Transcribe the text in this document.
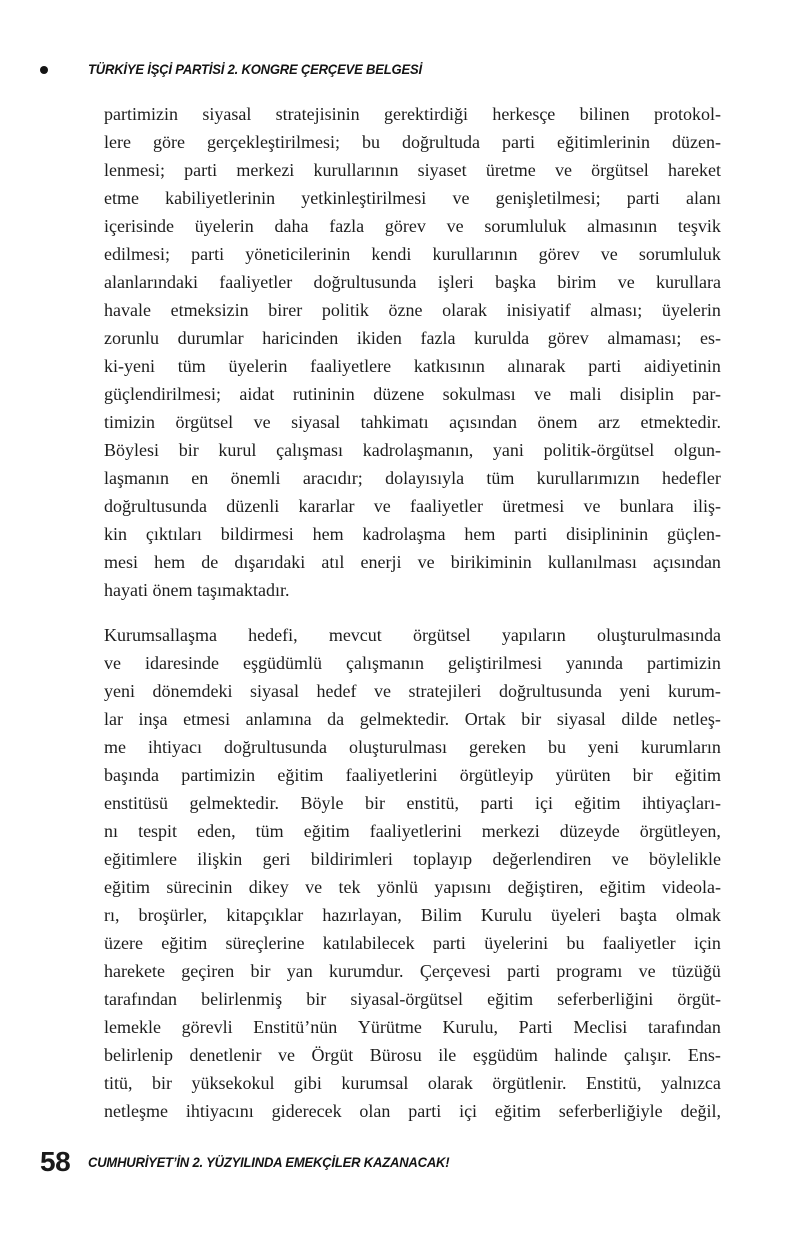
TÜRKİYE İŞÇİ PARTİSİ 2. KONGRE ÇERÇEVE BELGESİ
partimizin siyasal stratejisinin gerektirdiği herkesçe bilinen protokol-
lere göre gerçekleştirilmesi; bu doğrultuda parti eğitimlerinin düzen-
lenmesi; parti merkezi kurullarının siyaset üretme ve örgütsel hareket
etme kabiliyetlerinin yetkinleştirilmesi ve genişletilmesi; parti alanı
içerisinde üyelerin daha fazla görev ve sorumluluk almasının teşvik
edilmesi; parti yöneticilerinin kendi kurullarının görev ve sorumluluk
alanlarındaki faaliyetler doğrultusunda işleri başka birim ve kurullara
havale etmeksizin birer politik özne olarak inisiyatif alması; üyelerin
zorunlu durumlar haricinden ikiden fazla kurulda görev almaması; es-
ki-yeni tüm üyelerin faaliyetlere katkısının alınarak parti aidiyetinin
güçlendirilmesi; aidat rutininin düzene sokulması ve mali disiplin par-
timizin örgütsel ve siyasal tahkimatı açısından önem arz etmektedir.
Böylesi bir kurul çalışması kadrolaşmanın, yani politik-örgütsel olgun-
laşmanın en önemli aracıdır; dolayısıyla tüm kurullarımızın hedefler
doğrultusunda düzenli kararlar ve faaliyetler üretmesi ve bunlara iliş-
kin çıktıları bildirmesi hem kadrolaşma hem parti disiplininin güçlen-
mesi hem de dışarıdaki atıl enerji ve birikiminin kullanılması açısından
hayati önem taşımaktadır.
Kurumsallaşma hedefi, mevcut örgütsel yapıların oluşturulmasında
ve idaresinde eşgüdümlü çalışmanın geliştirilmesi yanında partimizin
yeni dönemdeki siyasal hedef ve stratejileri doğrultusunda yeni kurum-
lar inşa etmesi anlamına da gelmektedir. Ortak bir siyasal dilde netleş-
me ihtiyacı doğrultusunda oluşturulması gereken bu yeni kurumların
başında partimizin eğitim faaliyetlerini örgütleyip yürüten bir eğitim
enstitüsü gelmektedir. Böyle bir enstitü, parti içi eğitim ihtiyaçları-
nı tespit eden, tüm eğitim faaliyetlerini merkezi düzeyde örgütleyen,
eğitimlere ilişkin geri bildirimleri toplayıp değerlendiren ve böylelikle
eğitim sürecinin dikey ve tek yönlü yapısını değiştiren, eğitim videola-
rı, broşürler, kitapçıklar hazırlayan, Bilim Kurulu üyeleri başta olmak
üzere eğitim süreçlerine katılabilecek parti üyelerini bu faaliyetler için
harekete geçiren bir yan kurumdur. Çerçevesi parti programı ve tüzüğü
tarafından belirlenmiş bir siyasal-örgütsel eğitim seferberliğini örgüt-
lemekle görevli Enstitü’nün Yürütme Kurulu, Parti Meclisi tarafından
belirlenip denetlenir ve Örgüt Bürosu ile eşgüdüm halinde çalışır. Ens-
titü, bir yüksekokul gibi kurumsal olarak örgütlenir. Enstitü, yalnızca
netleşme ihtiyacını giderecek olan parti içi eğitim seferberliğiyle değil,
58 CUMHURİYET’İN 2. YÜZYILINDA EMEKÇİLER KAZANACAK!
